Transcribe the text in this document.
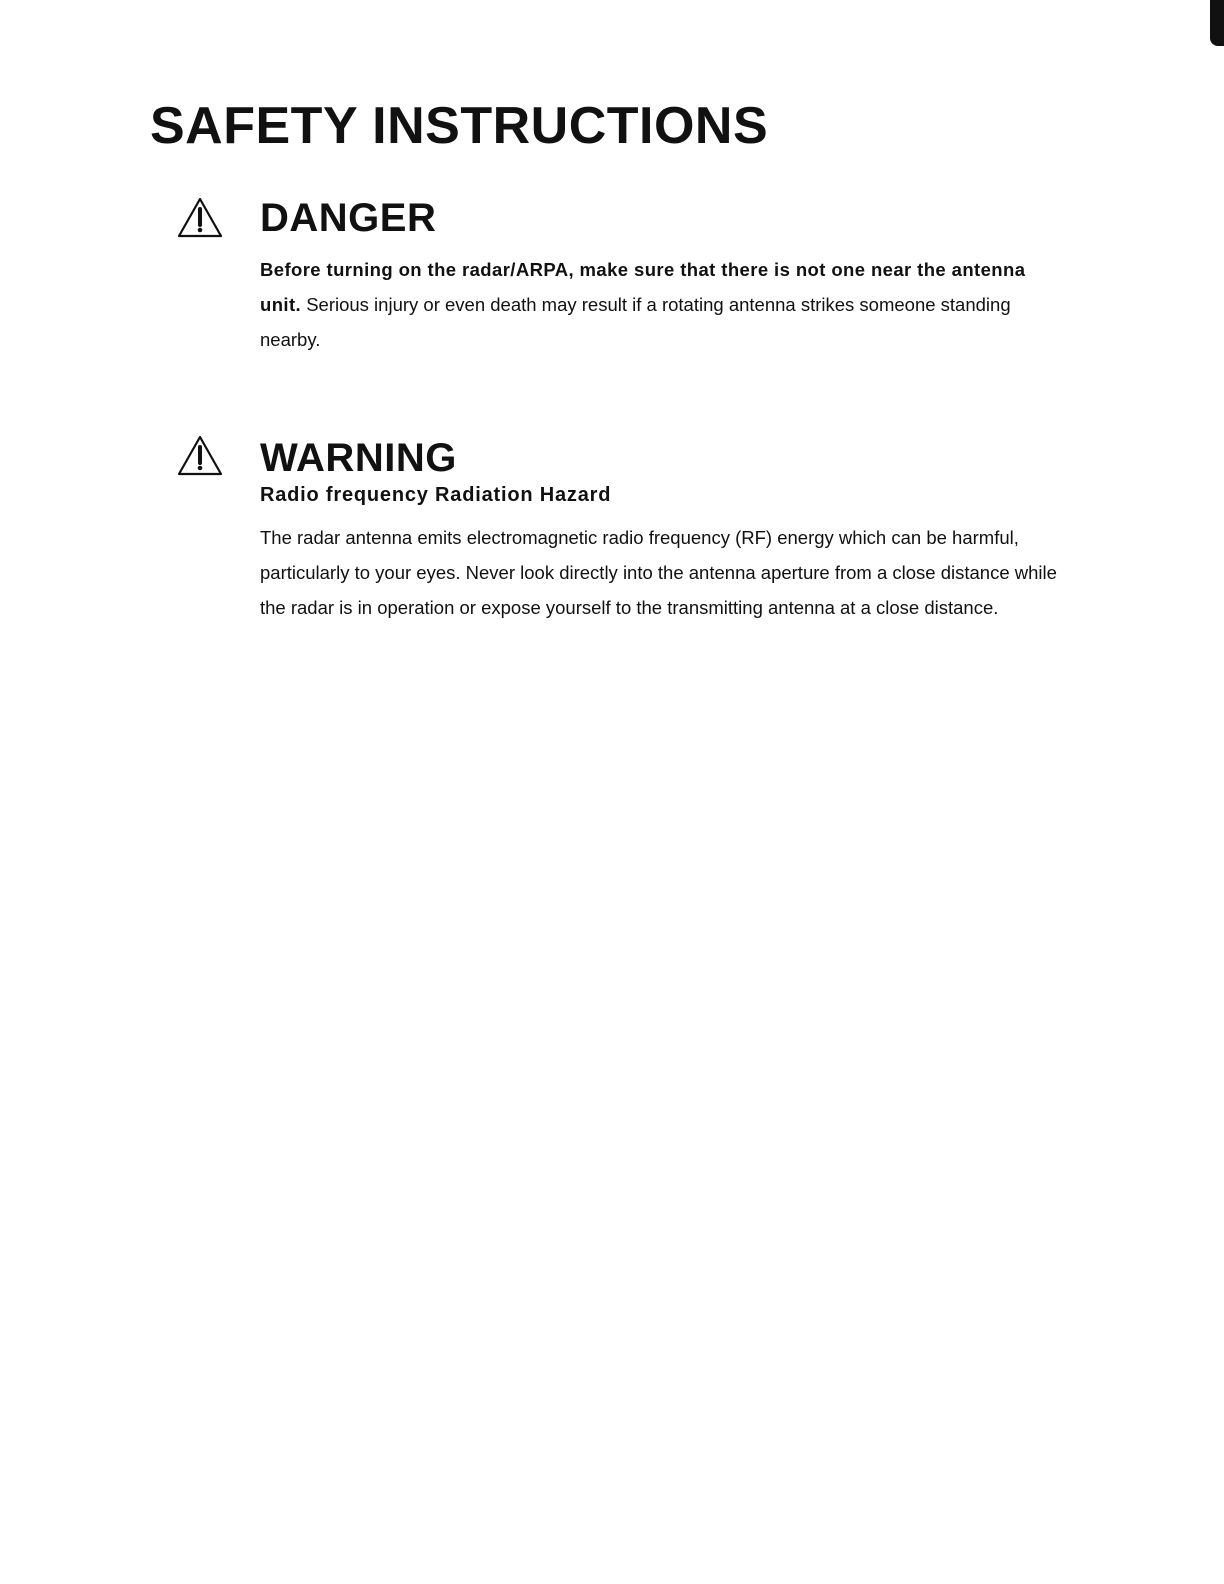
SAFETY INSTRUCTIONS
DANGER

Before turning on the radar/ARPA, make sure that there is not one near the antenna unit. Serious injury or even death may result if a rotating antenna strikes someone standing nearby.

WARNING
Radio frequency Radiation Hazard

The radar antenna emits electromagnetic radio frequency (RF) energy which can be harmful, particularly to your eyes. Never look directly into the antenna aperture from a close distance while the radar is in operation or expose yourself to the transmitting antenna at a close distance.
